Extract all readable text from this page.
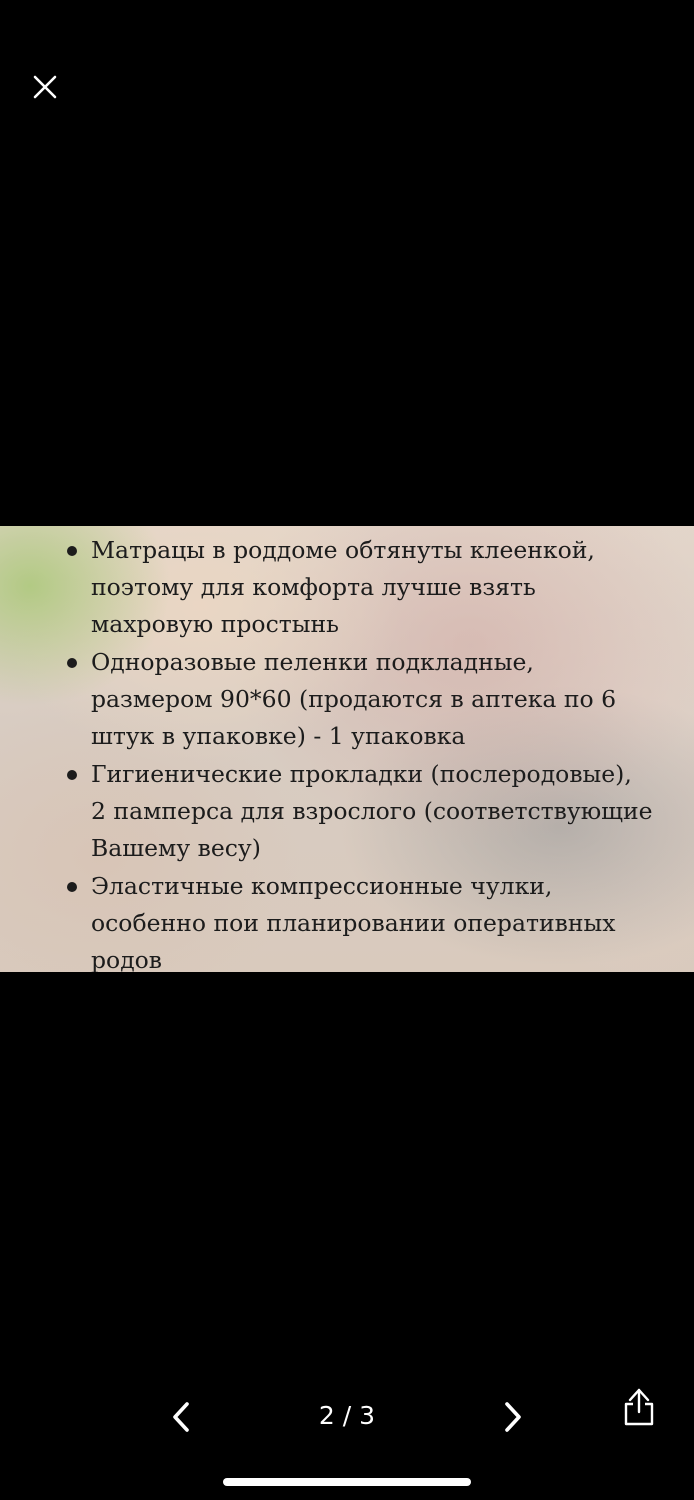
Матрацы в роддоме обтянуты клеенкой,
поэтому для комфорта лучше взять
махровую простынь
Одноразовые пеленки подкладные,
размером 90*60 (продаются в аптека по 6
штук в упаковке) - 1 упаковка
Гигиенические прокладки (послеродовые),
2 памперса для взрослого (соответствующие
Вашему весу)
Эластичные компрессионные чулки,
особенно пои планировании оперативных
родов
2 / 3
